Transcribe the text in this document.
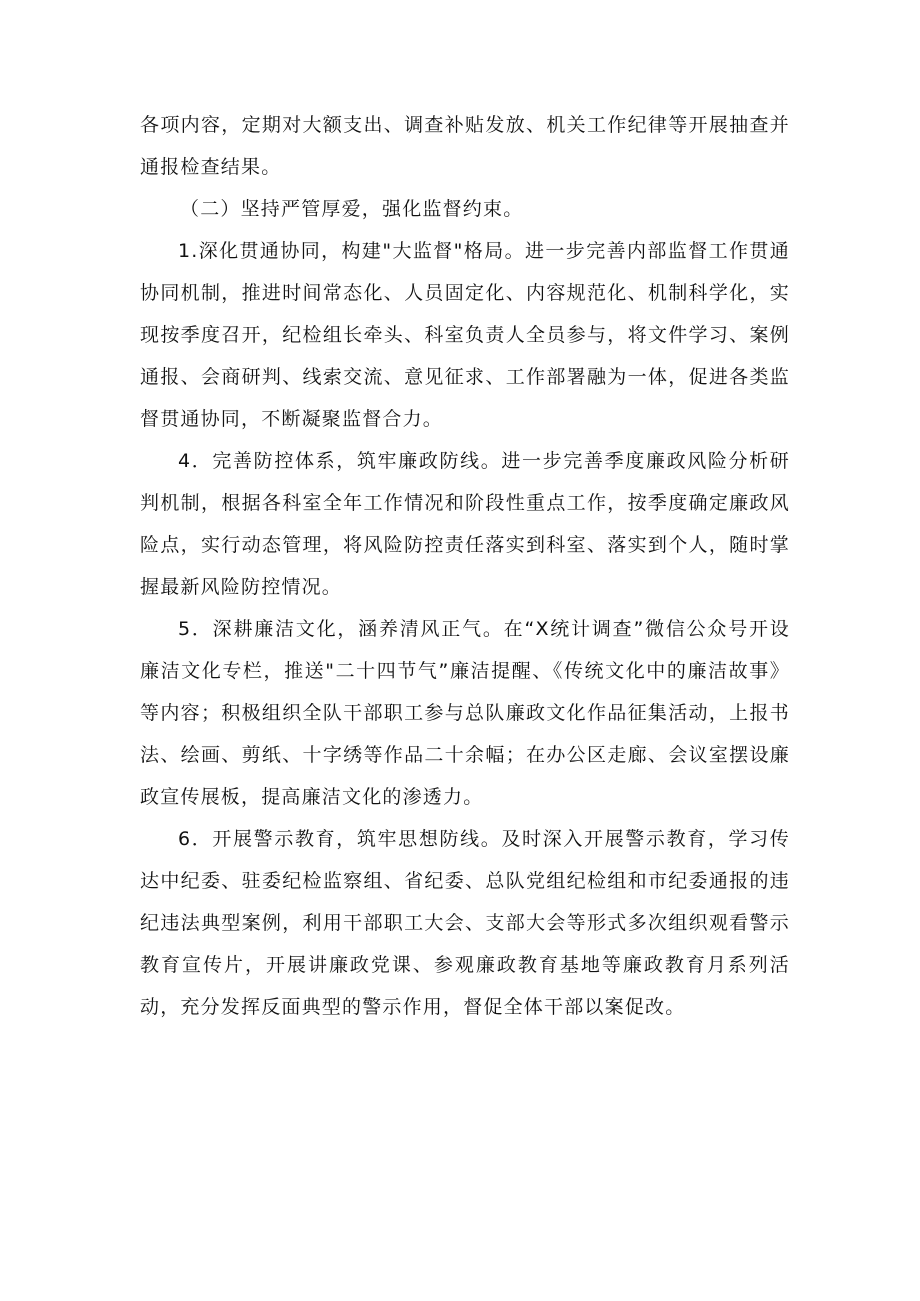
各项内容，定期对大额支出、调查补贴发放、机关工作纪律等开展抽查并通报检查结果。

（二）坚持严管厚爱，强化监督约束。

1.深化贯通协同，构建"大监督"格局。进一步完善内部监督工作贯通协同机制，推进时间常态化、人员固定化、内容规范化、机制科学化，实现按季度召开，纪检组长牵头、科室负责人全员参与，将文件学习、案例通报、会商研判、线索交流、意见征求、工作部署融为一体，促进各类监督贯通协同，不断凝聚监督合力。

4．完善防控体系，筑牢廉政防线。进一步完善季度廉政风险分析研判机制，根据各科室全年工作情况和阶段性重点工作，按季度确定廉政风险点，实行动态管理，将风险防控责任落实到科室、落实到个人，随时掌握最新风险防控情况。

5．深耕廉洁文化，涵养清风正气。在“X统计调查”微信公众号开设廉洁文化专栏，推送"二十四节气”廉洁提醒、《传统文化中的廉洁故事》等内容；积极组织全队干部职工参与总队廉政文化作品征集活动，上报书法、绘画、剪纸、十字绣等作品二十余幅；在办公区走廊、会议室摆设廉政宣传展板，提高廉洁文化的渗透力。

6．开展警示教育，筑牢思想防线。及时深入开展警示教育，学习传达中纪委、驻委纪检监察组、省纪委、总队党组纪检组和市纪委通报的违纪违法典型案例，利用干部职工大会、支部大会等形式多次组织观看警示教育宣传片，开展讲廉政党课、参观廉政教育基地等廉政教育月系列活动，充分发挥反面典型的警示作用，督促全体干部以案促改。
